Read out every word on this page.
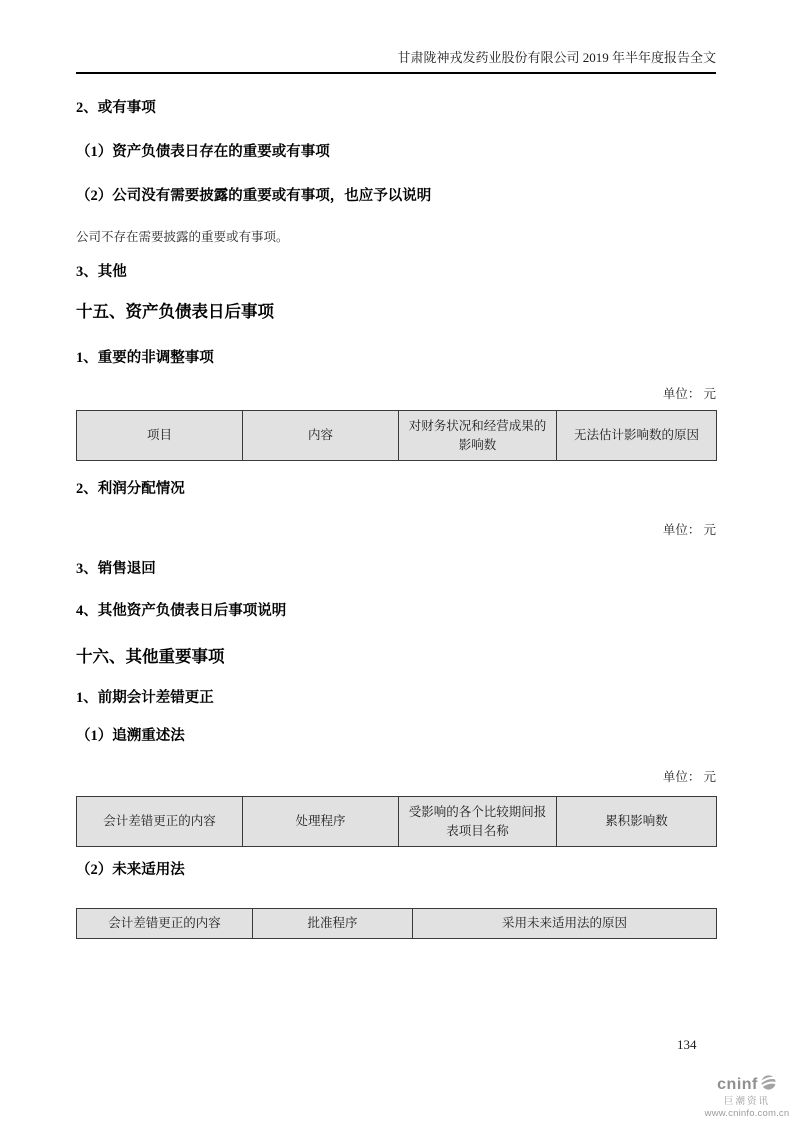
甘肃陇神戎发药业股份有限公司 2019 年半年度报告全文
2、或有事项
（1）资产负债表日存在的重要或有事项
（2）公司没有需要披露的重要或有事项，也应予以说明
公司不存在需要披露的重要或有事项。
3、其他
十五、资产负债表日后事项
1、重要的非调整事项
单位： 元
项目	内容	对财务状况和经营成果的影响数	无法估计影响数的原因
2、利润分配情况
单位： 元
3、销售退回
4、其他资产负债表日后事项说明
十六、其他重要事项
1、前期会计差错更正
（1）追溯重述法
单位： 元
会计差错更正的内容	处理程序	受影响的各个比较期间报表项目名称	累积影响数
（2）未来适用法
会计差错更正的内容	批准程序	采用未来适用法的原因
134
cninf
巨潮资讯
www.cninfo.com.cn
